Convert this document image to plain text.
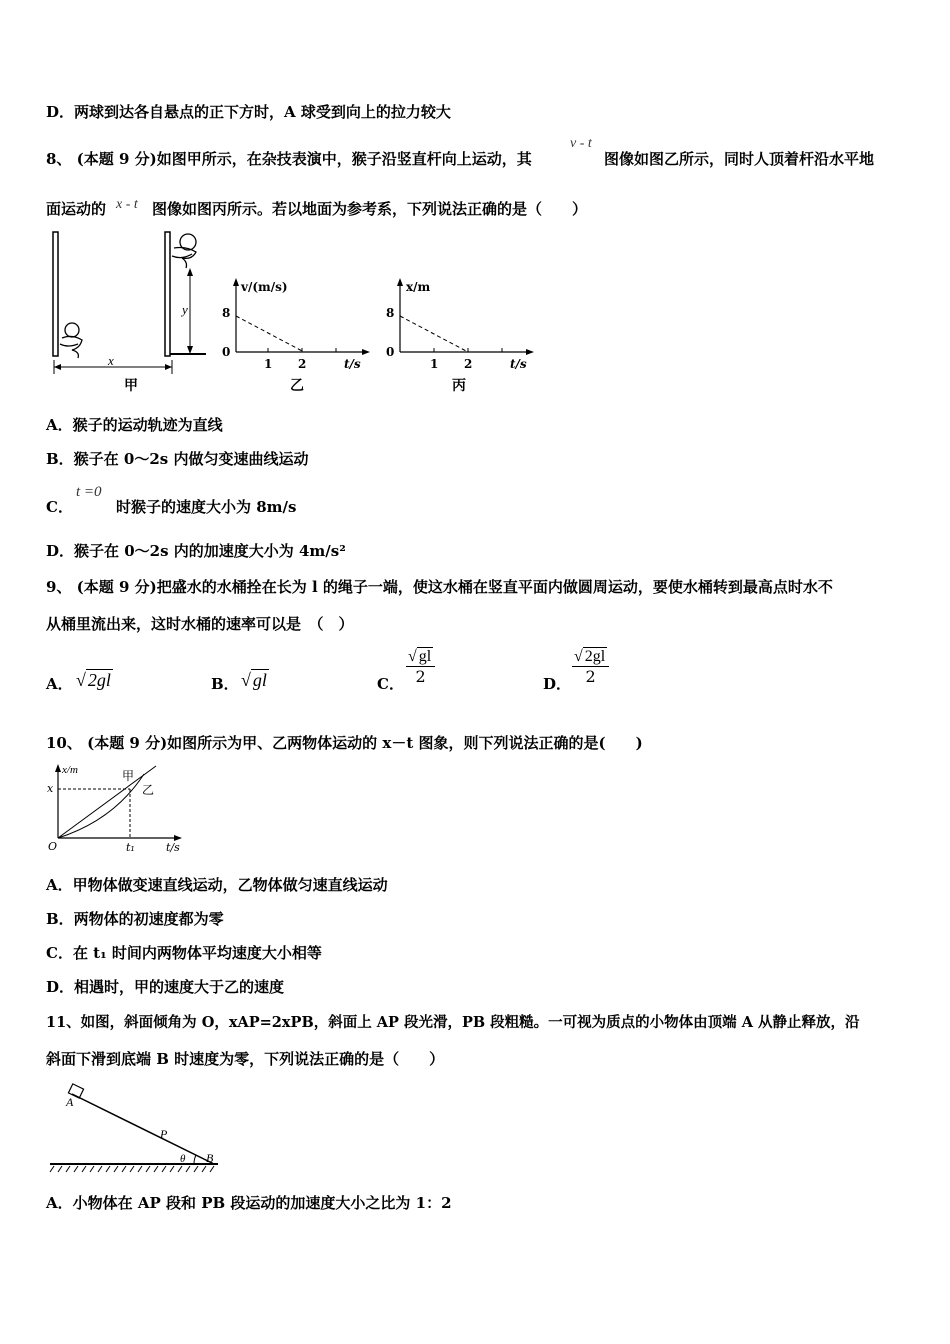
D．两球到达各自悬点的正下方时，A 球受到向上的拉力较大
8、 (本题 9 分)如图甲所示，在杂技表演中，猴子沿竖直杆向上运动，其
v - t
图像如图乙所示，同时人顶着杆沿水平地
面运动的 x - t 图像如图丙所示。若以地面为参考系，下列说法正确的是（　　）
y
x
甲
v/(m/s)
8
0
1 2	t/s
乙
x/m
8
0
1 2	t/s
丙
A．猴子的运动轨迹为直线
B．猴子在 0～2s 内做匀变速曲线运动
C．
t =0
时猴子的速度大小为 8m/s
D．猴子在 0～2s 内的加速度大小为 4m/s²
9、 (本题 9 分)把盛水的水桶拴在长为 l 的绳子一端，使这水桶在竖直平面内做圆周运动，要使水桶转到最高点时水不
从桶里流出来，这时水桶的速率可以是　（　）
A． √ 2gl	B． √ gl	C． $\frac{√ gl}{2}$	D． $\frac{√ 2gl}{2}$
10、 (本题 9 分)如图所示为甲、乙两物体运动的 x－t 图象，则下列说法正确的是(　　)
x/m
x
甲
乙
O	t₁	t/s
A．甲物体做变速直线运动，乙物体做匀速直线运动
B．两物体的初速度都为零
C．在 t₁ 时间内两物体平均速度大小相等
D．相遇时，甲的速度大于乙的速度
11、如图，斜面倾角为 O，xAP=2xPB，斜面上 AP 段光滑，PB 段粗糙。一可视为质点的小物体由顶端 A 从静止释放，沿
斜面下滑到底端 B 时速度为零，下列说法正确的是（　　）
A
P
B
θ
A．小物体在 AP 段和 PB 段运动的加速度大小之比为 1：2
